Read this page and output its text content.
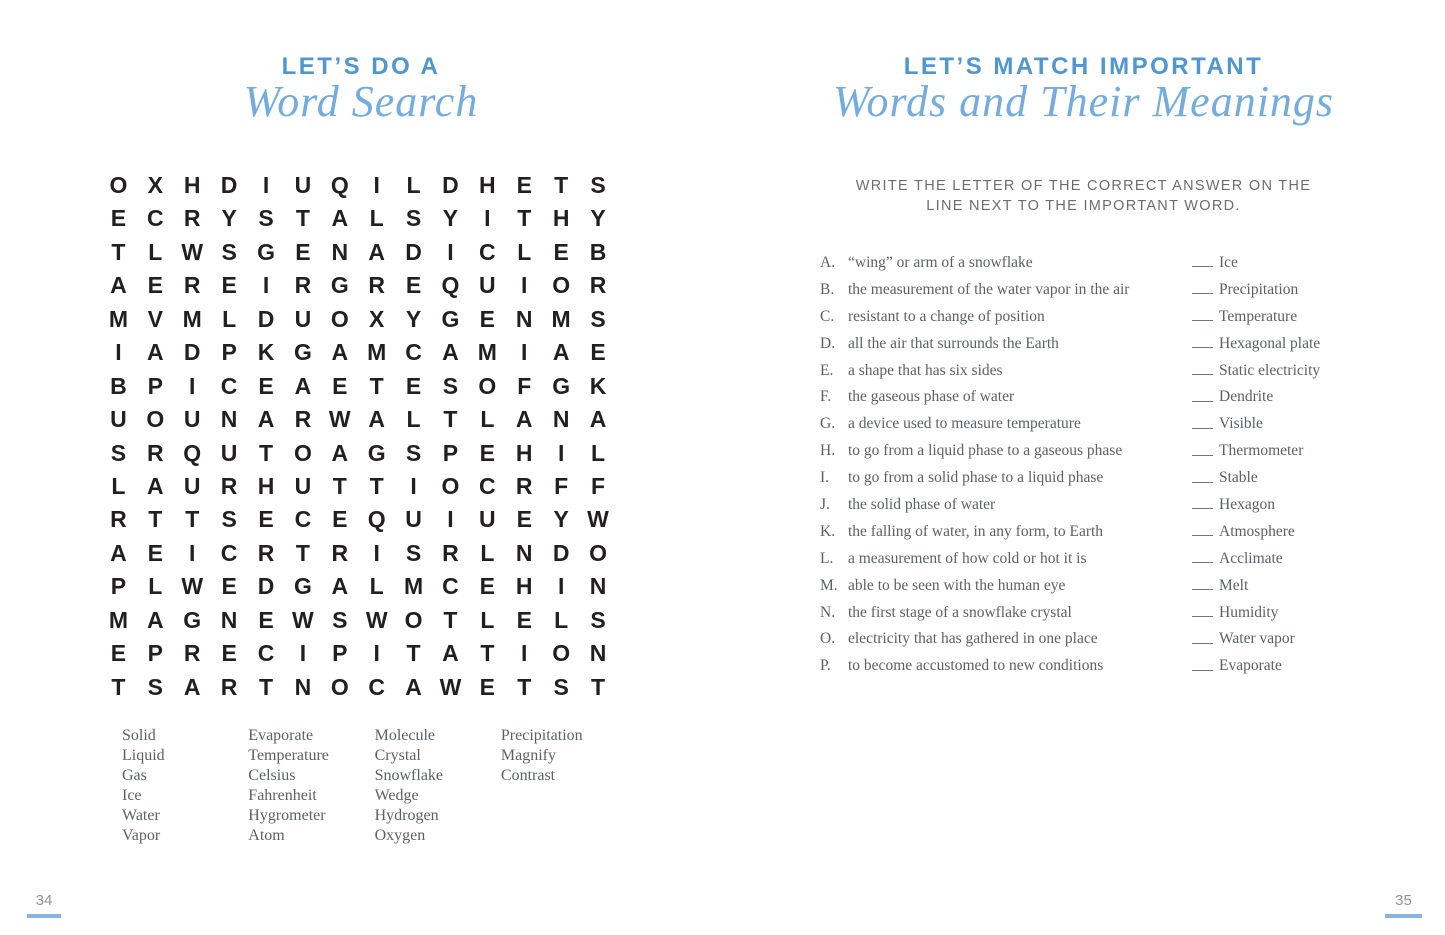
LET’S DO A
Word Search
O X H D	I	U Q	I	L D H E T S
E C R Y S T A L S Y	I	T H Y
T L W S G E N A D	I	C L E B
A E R E	I	R G R E Q U	I	O R
M V M L D U O X Y G E N M S
I	A D P K G A M C A M	I	A E
B P	I	C E A E T E S O F G K
U O U N A R W A L T L A N A
S R Q U T O A G S P E H	I	L
L A U R H U T T	I	O C R F F
R T T S E C E Q U	I	U E Y W
A E	I	C R T R	I	S R L N D O
P L W E D G A L M C E H	I	N
M A G N E W S W O T L E L S
E P R E C	I	P	I	T A T	I	O N
T S A R T N O C A W E T S T
Solid
Liquid
Gas
Ice
Water
Vapor
Evaporate
Temperature
Celsius
Fahrenheit
Hygrometer
Atom
Molecule
Crystal
Snowflake
Wedge
Hydrogen
Oxygen
Precipitation
Magnify
Contrast
34
LET’S MATCH IMPORTANT
Words and Their Meanings
WRITE THE LETTER OF THE CORRECT ANSWER ON THE
LINE NEXT TO THE IMPORTANT WORD.
A. “wing” or arm of a snowflake	Ice
B. the measurement of the water vapor in the air	Precipitation
C. resistant to a change of position	Temperature
D. all the air that surrounds the Earth	Hexagonal plate
E. a shape that has six sides	Static electricity
F.	the gaseous phase of water	Dendrite
G. a device used to measure temperature	Visible
H. to go from a liquid phase to a gaseous phase	Thermometer
I.	to go from a solid phase to a liquid phase	Stable
J.	the solid phase of water	Hexagon
K. the falling of water, in any form, to Earth	Atmosphere
L. a measurement of how cold or hot it is	Acclimate
M. able to be seen with the human eye	Melt
N. the first stage of a snowflake crystal	Humidity
O. electricity that has gathered in one place	Water vapor
P.	to become accustomed to new conditions	Evaporate
35
